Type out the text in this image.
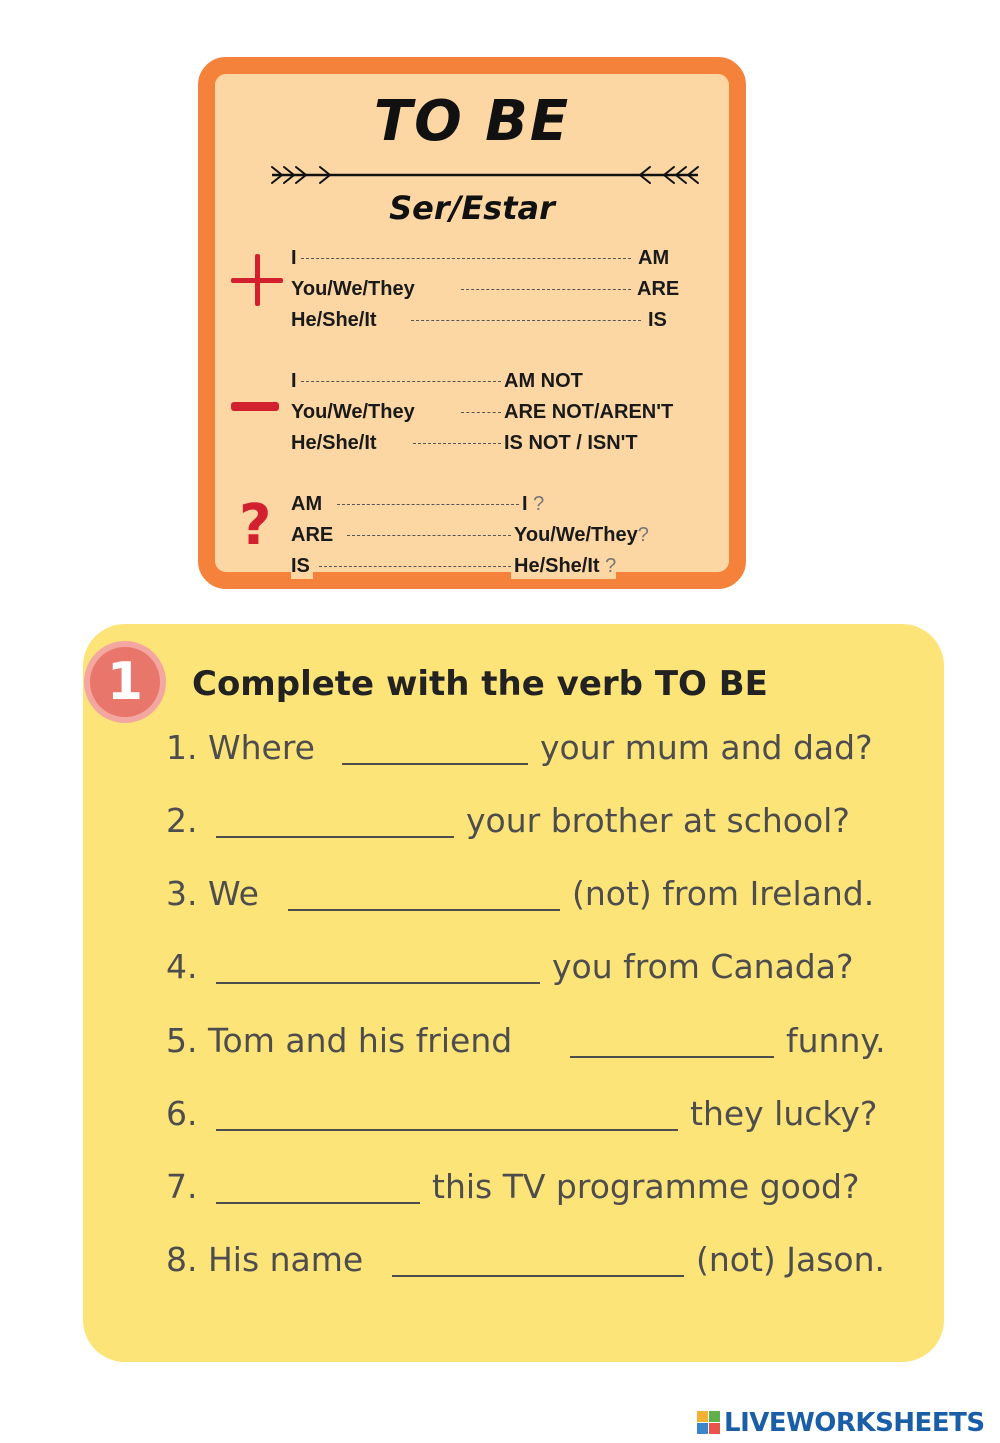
TO BE
Ser/Estar
I	AM
You/We/They	ARE
He/She/It	IS
I	AM NOT
You/We/They	ARE NOT/AREN'T
He/She/It	IS NOT / ISN'T
? AM	I ?
ARE	You/We/They?
IS	He/She/It ?
1	Complete with the verb TO BE
1. Where	your mum and dad?
2.	your brother at school?
3. We	(not) from Ireland.
4.	you from Canada?
5. Tom and his friend	funny.
6.	they lucky?
7.	this TV programme good?
8. His name	(not) Jason.
LIVEWORKSHEETS
